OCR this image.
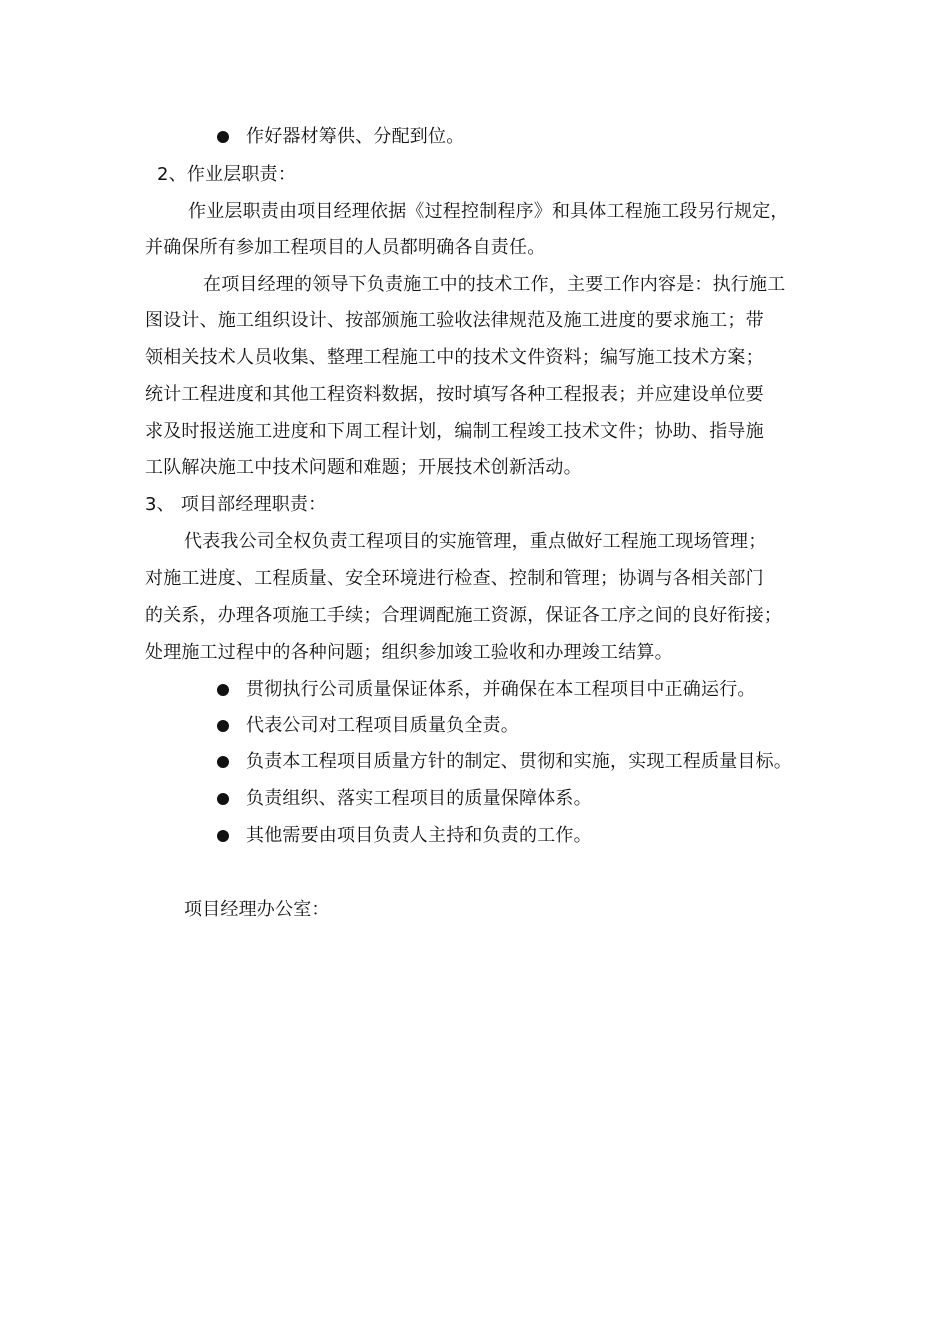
作好器材筹供、分配到位。
2、作业层职责：
作业层职责由项目经理依据《过程控制程序》和具体工程施工段另行规定，
并确保所有参加工程项目的人员都明确各自责任。
在项目经理的领导下负责施工中的技术工作，主要工作内容是：执行施工
图设计、施工组织设计、按部颁施工验收法律规范及施工进度的要求施工；带
领相关技术人员收集、整理工程施工中的技术文件资料；编写施工技术方案；
统计工程进度和其他工程资料数据，按时填写各种工程报表；并应建设单位要
求及时报送施工进度和下周工程计划，编制工程竣工技术文件；协助、指导施
工队解决施工中技术问题和难题；开展技术创新活动。
3、 项目部经理职责：
代表我公司全权负责工程项目的实施管理，重点做好工程施工现场管理；
对施工进度、工程质量、安全环境进行检查、控制和管理；协调与各相关部门
的关系，办理各项施工手续；合理调配施工资源，保证各工序之间的良好衔接；
处理施工过程中的各种问题；组织参加竣工验收和办理竣工结算。
贯彻执行公司质量保证体系，并确保在本工程项目中正确运行。
代表公司对工程项目质量负全责。
负责本工程项目质量方针的制定、贯彻和实施，实现工程质量目标。
负责组织、落实工程项目的质量保障体系。
其他需要由项目负责人主持和负责的工作。
项目经理办公室：
